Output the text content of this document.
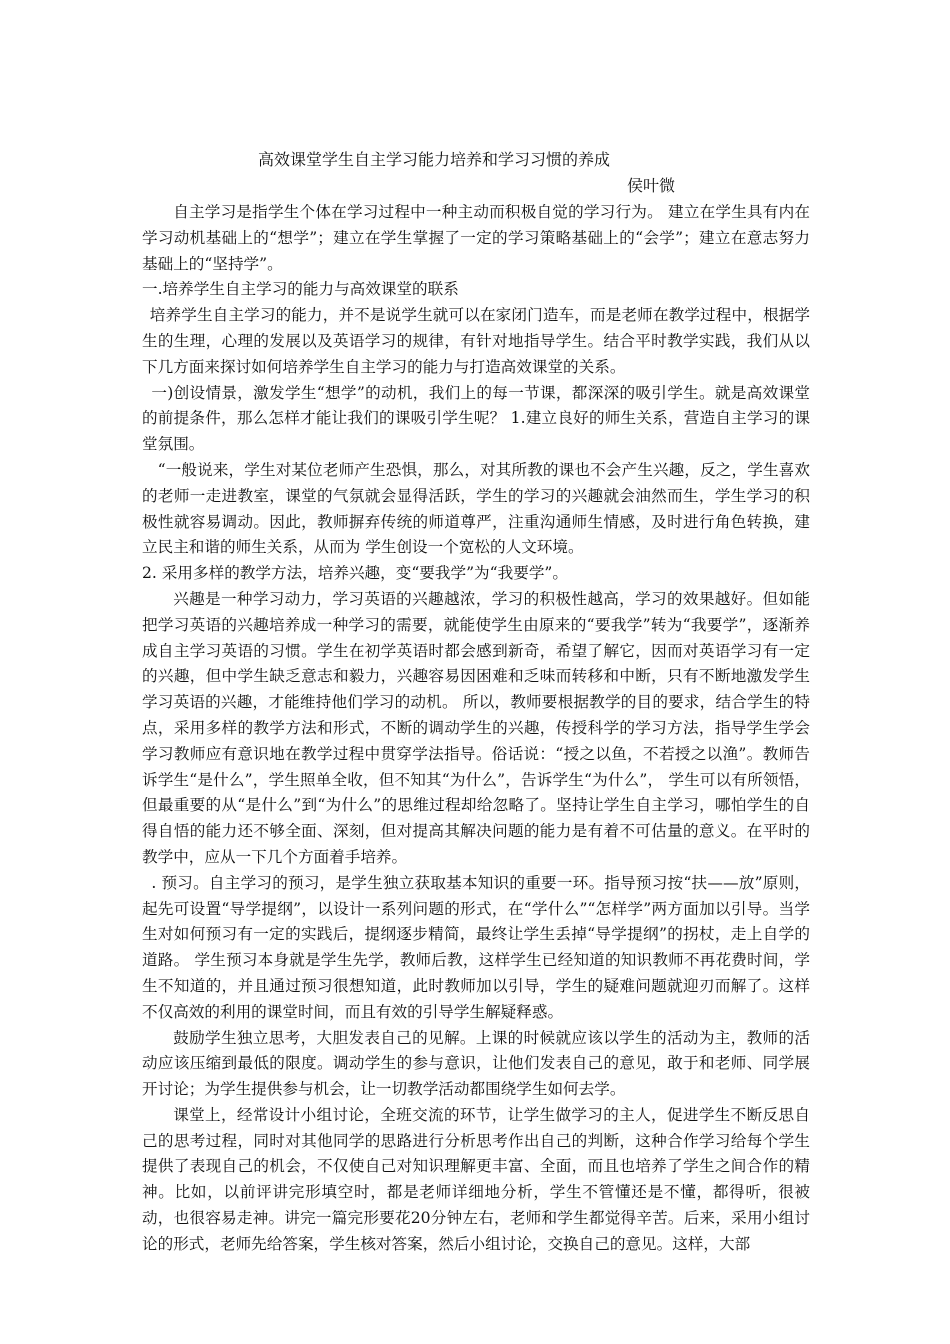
高效课堂学生自主学习能力培养和学习习惯的养成
侯叶微

自主学习是指学生个体在学习过程中一种主动而积极自觉的学习行为。 建立在学生具有内在学习动机基础上的“想学”；建立在学生掌握了一定的学习策略基础上的“会学”；建立在意志努力基础上的“坚持学”。

一.培养学生自主学习的能力与高效课堂的联系

培养学生自主学习的能力，并不是说学生就可以在家闭门造车，而是老师在教学过程中，根据学生的生理，心理的发展以及英语学习的规律，有针对地指导学生。结合平时教学实践，我们从以下几方面来探讨如何培养学生自主学习的能力与打造高效课堂的关系。

一)创设情景，激发学生“想学”的动机，我们上的每一节课，都深深的吸引学生。就是高效课堂的前提条件，那么怎样才能让我们的课吸引学生呢？ 1.建立良好的师生关系，营造自主学习的课堂氛围。

“一般说来，学生对某位老师产生恐惧，那么，对其所教的课也不会产生兴趣，反之，学生喜欢的老师一走进教室，课堂的气氛就会显得活跃，学生的学习的兴趣就会油然而生，学生学习的积极性就容易调动。因此，教师摒弃传统的师道尊严，注重沟通师生情感，及时进行角色转换，建立民主和谐的师生关系，从而为 学生创设一个宽松的人文环境。

2. 采用多样的教学方法，培养兴趣，变“要我学”为“我要学”。

兴趣是一种学习动力，学习英语的兴趣越浓，学习的积极性越高，学习的效果越好。但如能把学习英语的兴趣培养成一种学习的需要，就能使学生由原来的“要我学”转为“我要学”，逐渐养成自主学习英语的习惯。学生在初学英语时都会感到新奇，希望了解它，因而对英语学习有一定的兴趣，但中学生缺乏意志和毅力，兴趣容易因困难和乏味而转移和中断，只有不断地激发学生学习英语的兴趣，才能维持他们学习的动机。 所以，教师要根据教学的目的要求，结合学生的特点，采用多样的教学方法和形式，不断的调动学生的兴趣，传授科学的学习方法，指导学生学会学习教师应有意识地在教学过程中贯穿学法指导。俗话说：“授之以鱼，不若授之以渔”。教师告诉学生“是什么”，学生照单全收，但不知其“为什么”，告诉学生“为什么”， 学生可以有所领悟，但最重要的从“是什么”到“为什么”的思维过程却给忽略了。坚持让学生自主学习，哪怕学生的自得自悟的能力还不够全面、深刻，但对提高其解决问题的能力是有着不可估量的意义。在平时的教学中，应从一下几个方面着手培养。

. 预习。自主学习的预习，是学生独立获取基本知识的重要一环。指导预习按“扶——放”原则，起先可设置“导学提纲”，以设计一系列问题的形式，在“学什么”“怎样学”两方面加以引导。当学生对如何预习有一定的实践后，提纲逐步精简，最终让学生丢掉“导学提纲”的拐杖，走上自学的道路。 学生预习本身就是学生先学，教师后教，这样学生已经知道的知识教师不再花费时间，学生不知道的，并且通过预习很想知道，此时教师加以引导，学生的疑难问题就迎刃而解了。这样不仅高效的利用的课堂时间，而且有效的引导学生解疑释惑。

鼓励学生独立思考，大胆发表自己的见解。上课的时候就应该以学生的活动为主，教师的活动应该压缩到最低的限度。调动学生的参与意识，让他们发表自己的意见，敢于和老师、同学展开讨论；为学生提供参与机会，让一切教学活动都围绕学生如何去学。

课堂上，经常设计小组讨论，全班交流的环节，让学生做学习的主人，促进学生不断反思自己的思考过程，同时对其他同学的思路进行分析思考作出自己的判断，这种合作学习给每个学生提供了表现自己的机会，不仅使自己对知识理解更丰富、全面，而且也培养了学生之间合作的精神。比如，以前评讲完形填空时，都是老师详细地分析，学生不管懂还是不懂，都得听，很被动，也很容易走神。讲完一篇完形要花20分钟左右，老师和学生都觉得辛苦。后来，采用小组讨论的形式，老师先给答案，学生核对答案，然后小组讨论，交换自己的意见。这样，大部
